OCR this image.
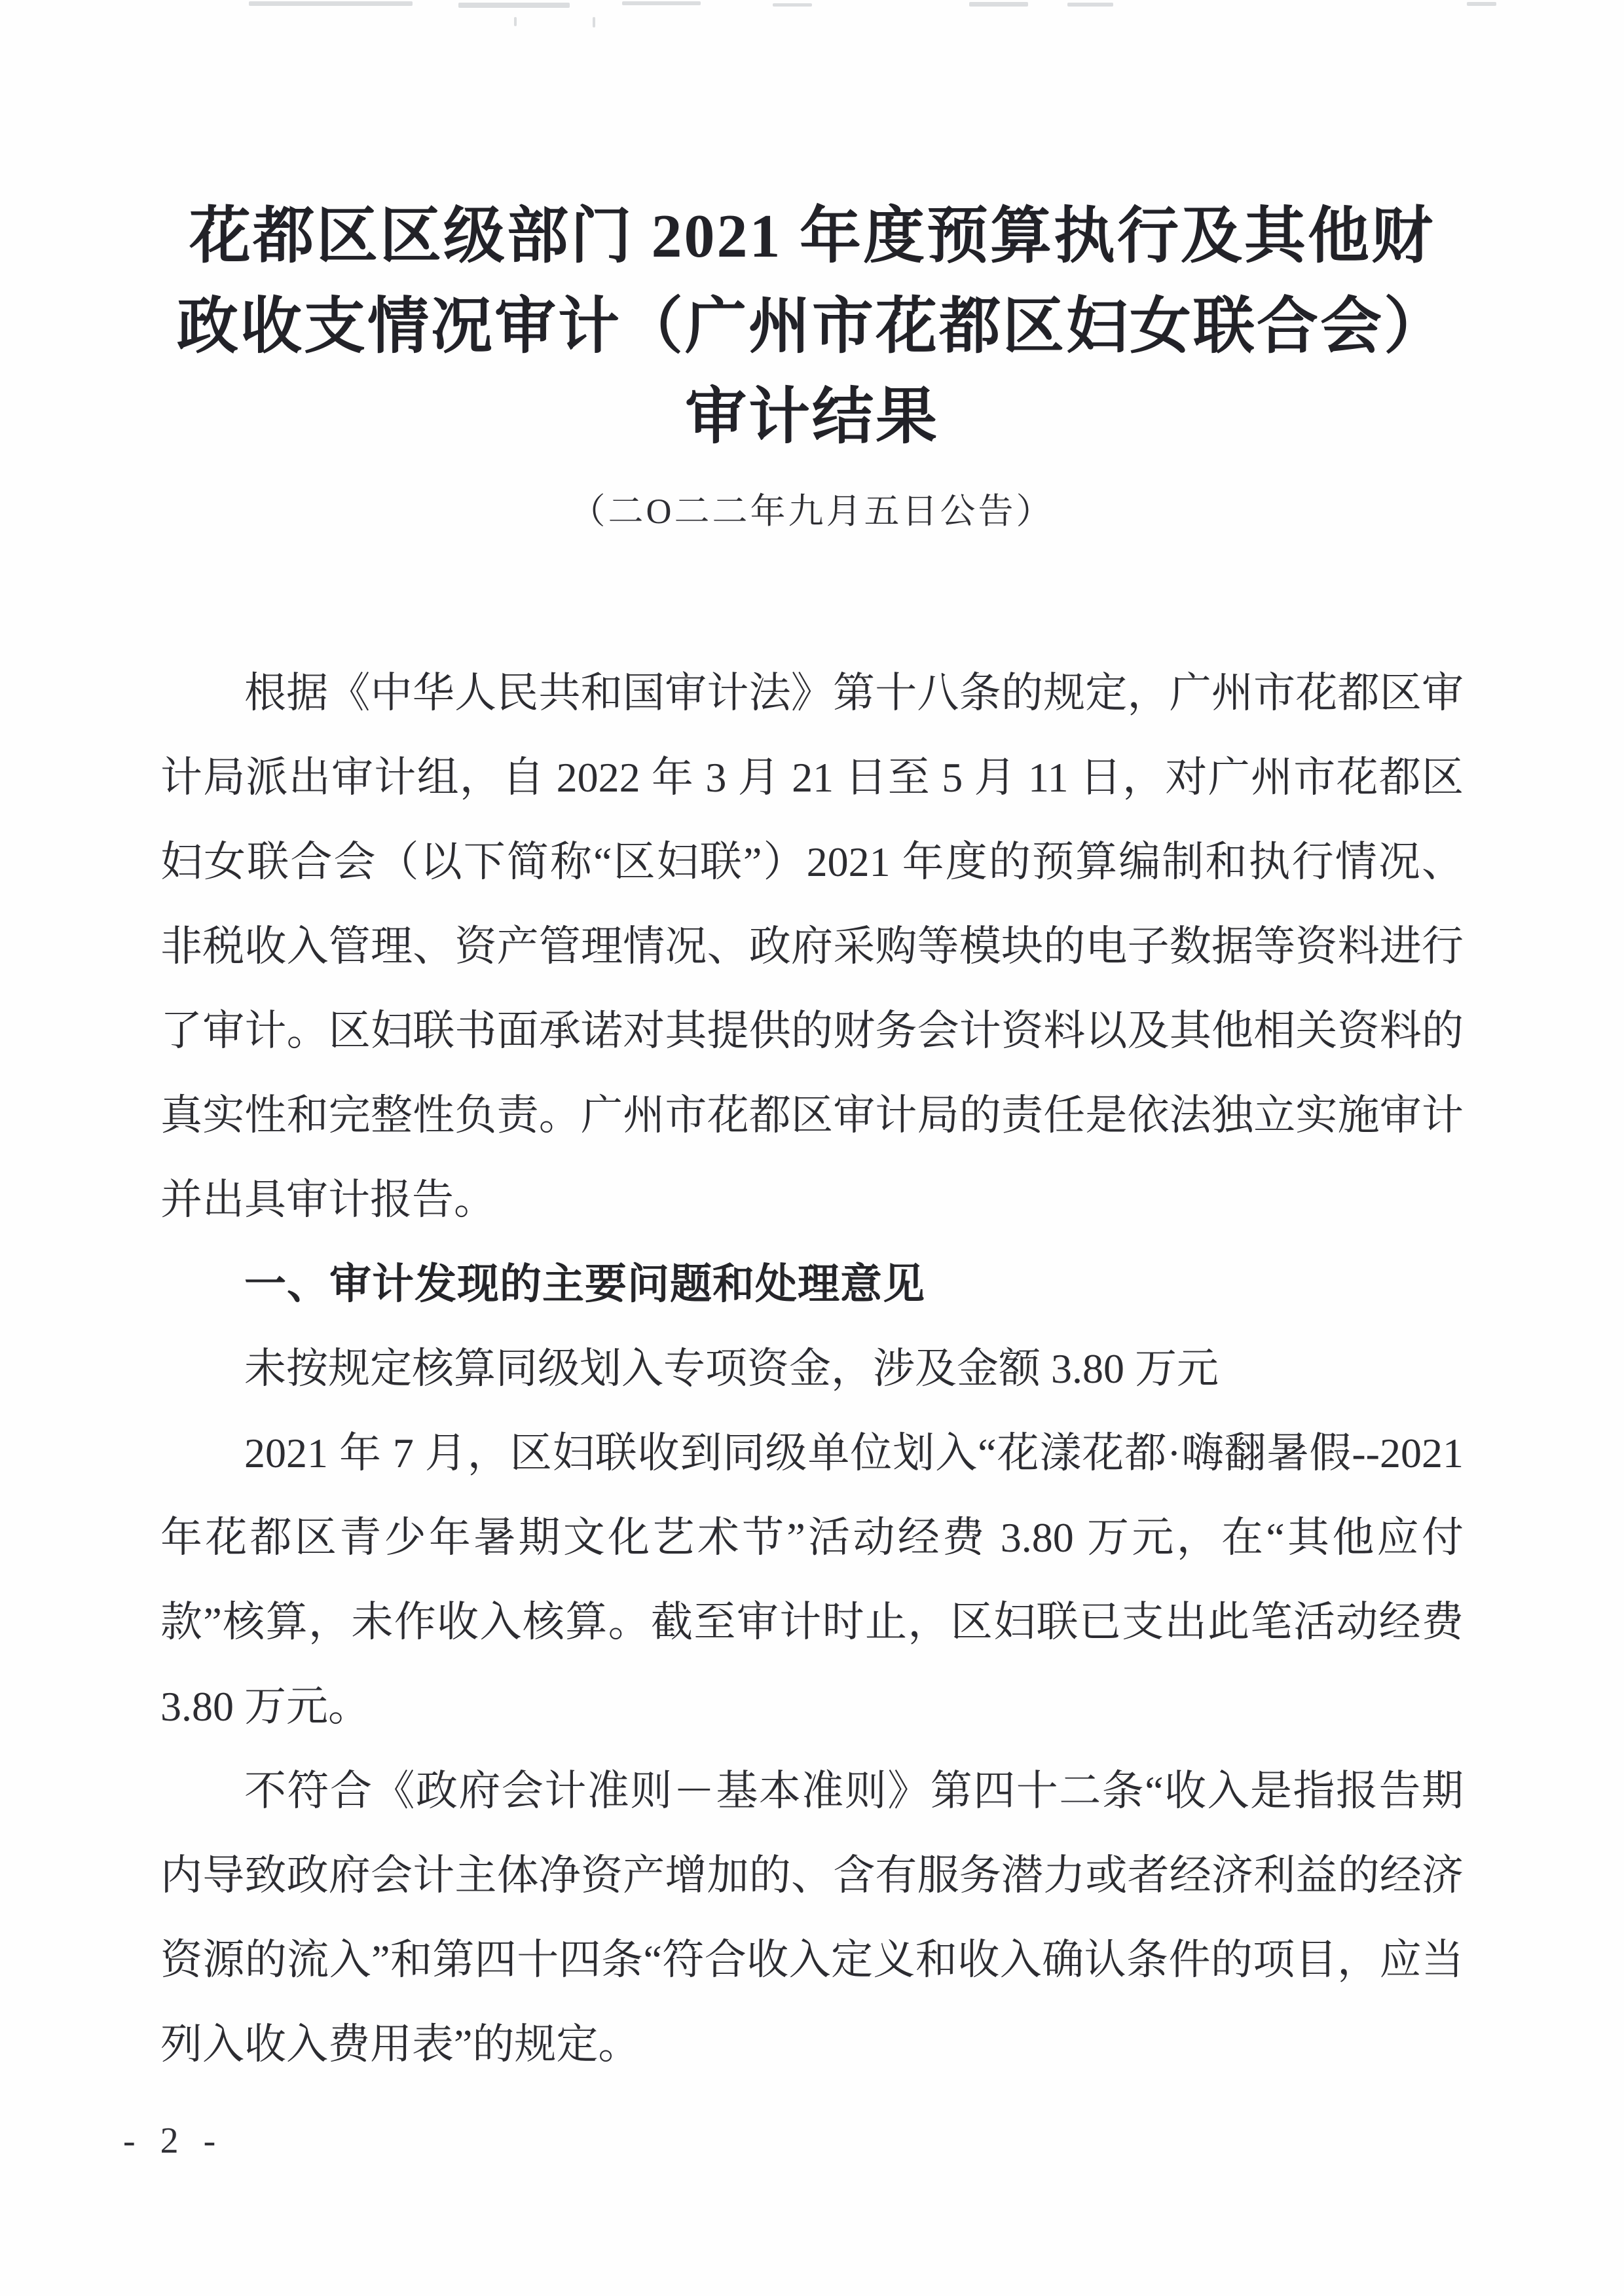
花都区区级部门 2021 年度预算执行及其他财
政收支情况审计（广州市花都区妇女联合会）
审计结果
（二O二二年九月五日公告）

根据《中华人民共和国审计法》第十八条的规定，广州市花都区审计局派出审计组，自 2022 年 3 月 21 日至 5 月 11 日，对广州市花都区妇女联合会（以下简称“区妇联”）2021 年度的预算编制和执行情况、非税收入管理、资产管理情况、政府采购等模块的电子数据等资料进行了审计。区妇联书面承诺对其提供的财务会计资料以及其他相关资料的真实性和完整性负责。广州市花都区审计局的责任是依法独立实施审计并出具审计报告。

一、审计发现的主要问题和处理意见

未按规定核算同级划入专项资金，涉及金额 3.80 万元

2021 年 7 月，区妇联收到同级单位划入“花漾花都·嗨翻暑假--2021 年花都区青少年暑期文化艺术节”活动经费 3.80 万元，在“其他应付款”核算，未作收入核算。截至审计时止，区妇联已支出此笔活动经费 3.80 万元。

不符合《政府会计准则－基本准则》第四十二条“收入是指报告期内导致政府会计主体净资产增加的、含有服务潜力或者经济利益的经济资源的流入”和第四十四条“符合收入定义和收入确认条件的项目，应当列入收入费用表”的规定。

- 2 -
